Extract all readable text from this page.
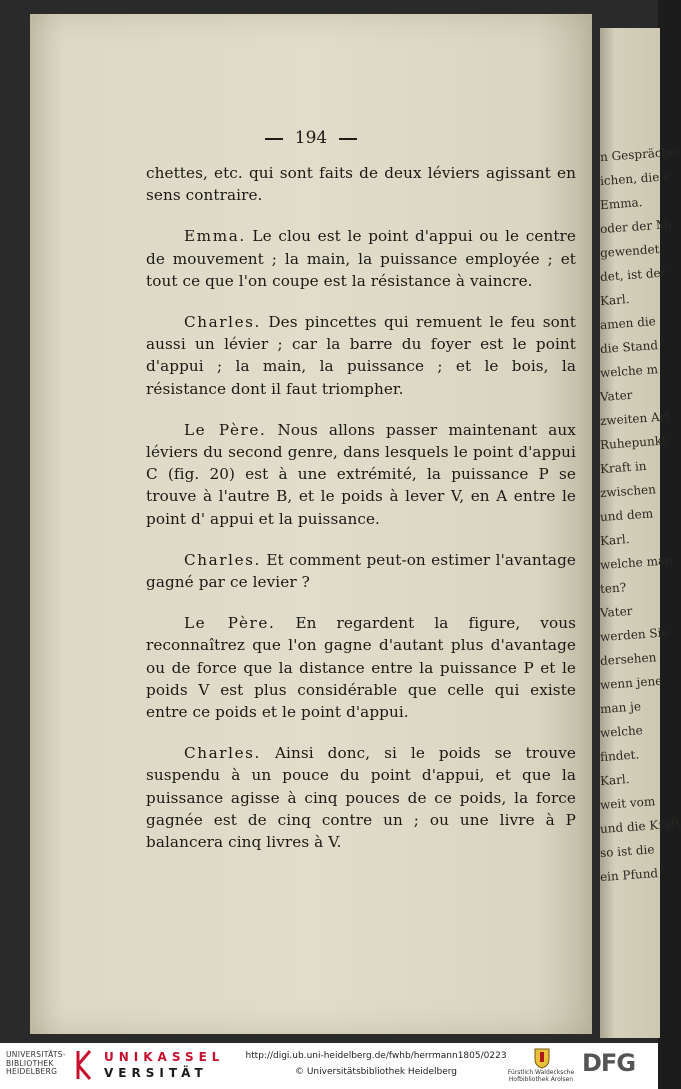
n Gespräche,
ichen, die e
Emma.
oder der Mi
gewendet
det, ist der
Karl.
amen die
die Stand
welche m
Vater
zweiten Art
Ruhepunkt
Kraft in
zwischen
und dem
Karl.
welche man
ten?
Vater
werden Sie
dersehen
wenn jene
man je
welche
findet.
Karl.
weit vom
und die Kraft
so ist die
ein Pfund
194

chettes, etc. qui sont faits de deux léviers agissant en sens contraire.

Emma. Le clou est le point d'appui ou le centre de mouvement ; la main, la puissance employée ; et tout ce que l'on coupe est la résistance à vaincre.

Charles. Des pincettes qui remuent le feu sont aussi un lévier ; car la barre du foyer est le point d'appui ; la main, la puissance ; et le bois, la résistance dont il faut triompher.

Le Père. Nous allons passer maintenant aux léviers du second genre, dans lesquels le point d'appui C (fig. 20) est à une extrémité, la puissance P se trouve à l'autre B, et le poids à lever V, en A entre le point d' appui et la puissance.

Charles. Et comment peut-on estimer l'avantage gagné par ce levier ?

Le Père. En regardent la figure, vous reconnaîtrez que l'on gagne d'autant plus d'avantage ou de force que la distance entre la puissance P et le poids V est plus considérable que celle qui existe entre ce poids et le point d'appui.

Charles. Ainsi donc, si le poids se trouve suspendu à un pouce du point d'appui, et que la puissance agisse à cinq pouces de ce poids, la force gagnée est de cinq contre un ; ou une livre à P balancera cinq livres à V.

UNIVERSITÄTS-
BIBLIOTHEK
HEIDELBERG
UNIKASSEL
VERSITÄT
http://digi.ub.uni-heidelberg.de/fwhb/herrmann1805/0223
© Universitätsbibliothek Heidelberg	Fürstlich Waldecksche Hofbibliothek Arolsen
DFG
